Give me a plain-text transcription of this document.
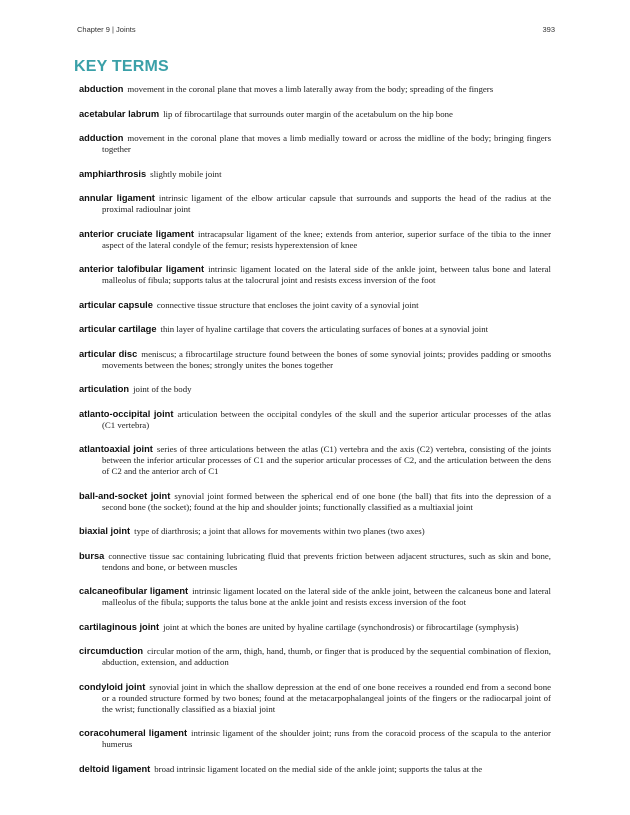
Chapter 9 | Joints	393
KEY TERMS

abduction movement in the coronal plane that moves a limb laterally away from the body; spreading of the fingers

acetabular labrum lip of fibrocartilage that surrounds outer margin of the acetabulum on the hip bone

adduction movement in the coronal plane that moves a limb medially toward or across the midline of the body; bringing fingers together

amphiarthrosis slightly mobile joint

annular ligament intrinsic ligament of the elbow articular capsule that surrounds and supports the head of the radius at the proximal radioulnar joint

anterior cruciate ligament intracapsular ligament of the knee; extends from anterior, superior surface of the tibia to the inner aspect of the lateral condyle of the femur; resists hyperextension of knee

anterior talofibular ligament intrinsic ligament located on the lateral side of the ankle joint, between talus bone and lateral malleolus of fibula; supports talus at the talocrural joint and resists excess inversion of the foot

articular capsule connective tissue structure that encloses the joint cavity of a synovial joint

articular cartilage thin layer of hyaline cartilage that covers the articulating surfaces of bones at a synovial joint

articular disc meniscus; a fibrocartilage structure found between the bones of some synovial joints; provides padding or smooths movements between the bones; strongly unites the bones together

articulation joint of the body

atlanto-occipital joint articulation between the occipital condyles of the skull and the superior articular processes of the atlas (C1 vertebra)

atlantoaxial joint series of three articulations between the atlas (C1) vertebra and the axis (C2) vertebra, consisting of the joints between the inferior articular processes of C1 and the superior articular processes of C2, and the articulation between the dens of C2 and the anterior arch of C1

ball-and-socket joint synovial joint formed between the spherical end of one bone (the ball) that fits into the depression of a second bone (the socket); found at the hip and shoulder joints; functionally classified as a multiaxial joint

biaxial joint type of diarthrosis; a joint that allows for movements within two planes (two axes)

bursa connective tissue sac containing lubricating fluid that prevents friction between adjacent structures, such as skin and bone, tendons and bone, or between muscles

calcaneofibular ligament intrinsic ligament located on the lateral side of the ankle joint, between the calcaneus bone and lateral malleolus of the fibula; supports the talus bone at the ankle joint and resists excess inversion of the foot

cartilaginous joint joint at which the bones are united by hyaline cartilage (synchondrosis) or fibrocartilage (symphysis)

circumduction circular motion of the arm, thigh, hand, thumb, or finger that is produced by the sequential combination of flexion, abduction, extension, and adduction

condyloid joint synovial joint in which the shallow depression at the end of one bone receives a rounded end from a second bone or a rounded structure formed by two bones; found at the metacarpophalangeal joints of the fingers or the radiocarpal joint of the wrist; functionally classified as a biaxial joint

coracohumeral ligament intrinsic ligament of the shoulder joint; runs from the coracoid process of the scapula to the anterior humerus

deltoid ligament broad intrinsic ligament located on the medial side of the ankle joint; supports the talus at the
